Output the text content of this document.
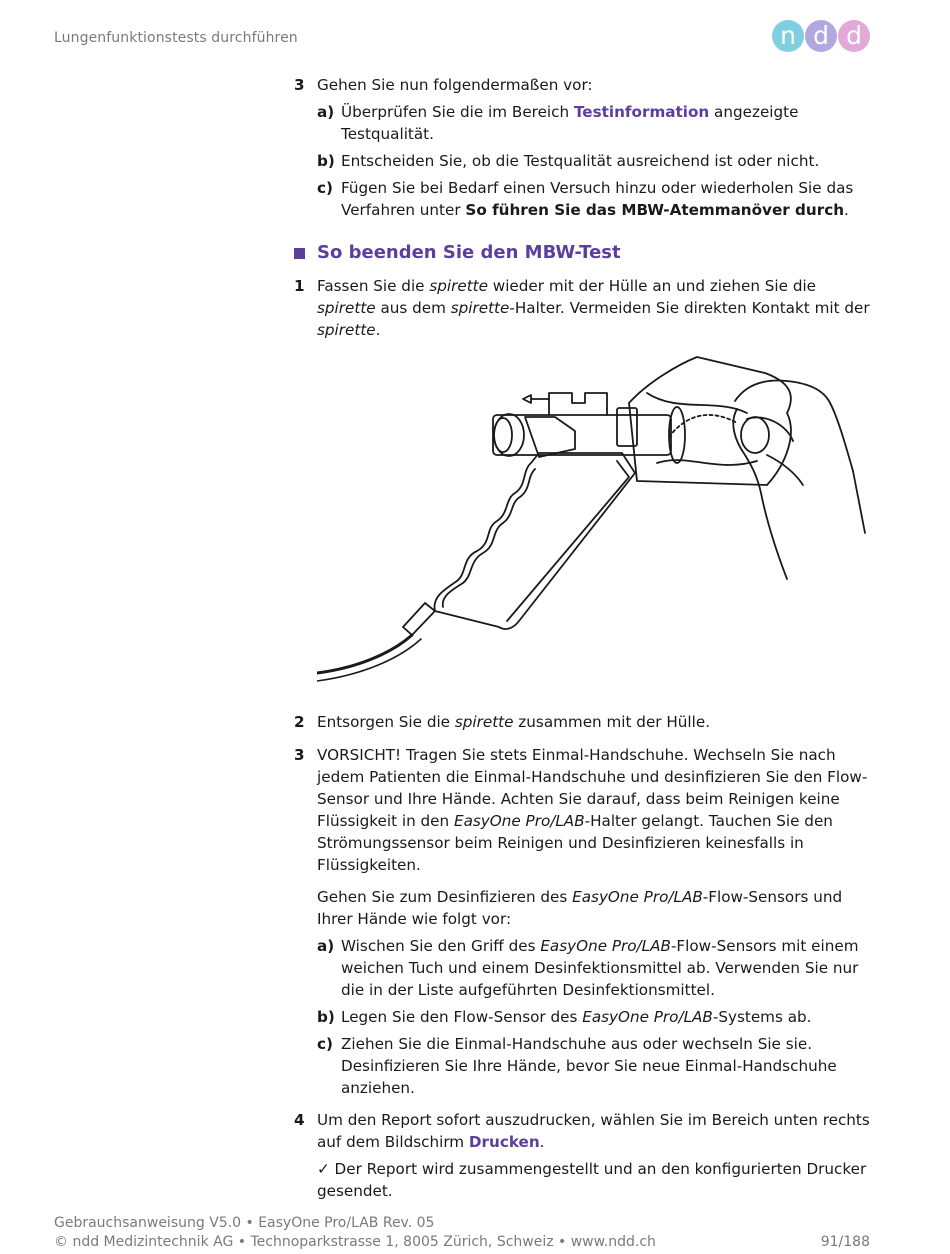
Lungenfunktionstests durchführen	n d d
3 Gehen Sie nun folgendermaßen vor:
a) Überprüfen Sie die im Bereich Testinformation angezeigte Testqualität.
b) Entscheiden Sie, ob die Testqualität ausreichend ist oder nicht.
c) Fügen Sie bei Bedarf einen Versuch hinzu oder wiederholen Sie das Verfahren unter So führen Sie das MBW-Atemmanöver durch.
So beenden Sie den MBW-Test
1 Fassen Sie die spirette wieder mit der Hülle an und ziehen Sie die spirette aus dem spirette-Halter. Vermeiden Sie direkten Kontakt mit der spirette.
2 Entsorgen Sie die spirette zusammen mit der Hülle.
3 VORSICHT! Tragen Sie stets Einmal-Handschuhe. Wechseln Sie nach jedem Patienten die Einmal-Handschuhe und desinfizieren Sie den Flow-Sensor und Ihre Hände. Achten Sie darauf, dass beim Reinigen keine Flüssigkeit in den EasyOne Pro/LAB-Halter gelangt. Tauchen Sie den Strömungssensor beim Reinigen und Desinfizieren keinesfalls in Flüssigkeiten.
Gehen Sie zum Desinfizieren des EasyOne Pro/LAB-Flow-Sensors und Ihrer Hände wie folgt vor:
a) Wischen Sie den Griff des EasyOne Pro/LAB-Flow-Sensors mit einem weichen Tuch und einem Desinfektionsmittel ab. Verwenden Sie nur die in der Liste aufgeführten Desinfektionsmittel.
b) Legen Sie den Flow-Sensor des EasyOne Pro/LAB-Systems ab.
c) Ziehen Sie die Einmal-Handschuhe aus oder wechseln Sie sie. Desinfizieren Sie Ihre Hände, bevor Sie neue Einmal-Handschuhe anziehen.
4 Um den Report sofort auszudrucken, wählen Sie im Bereich unten rechts auf dem Bildschirm Drucken.
✓ Der Report wird zusammengestellt und an den konfigurierten Drucker gesendet.
Gebrauchsanweisung V5.0 • EasyOne Pro/LAB Rev. 05
© ndd Medizintechnik AG • Technoparkstrasse 1, 8005 Zürich, Schweiz • www.ndd.ch	91/188
